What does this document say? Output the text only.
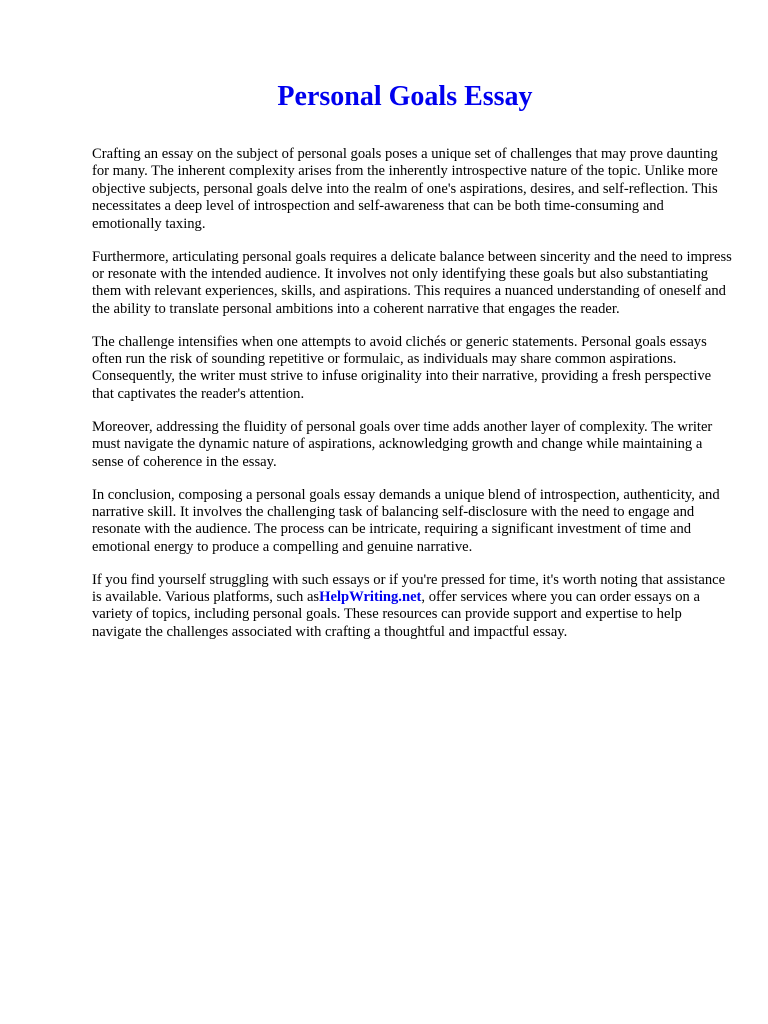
Personal Goals Essay

Crafting an essay on the subject of personal goals poses a unique set of challenges that may prove daunting for many. The inherent complexity arises from the inherently introspective nature of the topic. Unlike more objective subjects, personal goals delve into the realm of one's aspirations, desires, and self-reflection. This necessitates a deep level of introspection and self-awareness that can be both time-consuming and emotionally taxing.

Furthermore, articulating personal goals requires a delicate balance between sincerity and the need to impress or resonate with the intended audience. It involves not only identifying these goals but also substantiating them with relevant experiences, skills, and aspirations. This requires a nuanced understanding of oneself and the ability to translate personal ambitions into a coherent narrative that engages the reader.

The challenge intensifies when one attempts to avoid clichés or generic statements. Personal goals essays often run the risk of sounding repetitive or formulaic, as individuals may share common aspirations. Consequently, the writer must strive to infuse originality into their narrative, providing a fresh perspective that captivates the reader's attention.

Moreover, addressing the fluidity of personal goals over time adds another layer of complexity. The writer must navigate the dynamic nature of aspirations, acknowledging growth and change while maintaining a sense of coherence in the essay.

In conclusion, composing a personal goals essay demands a unique blend of introspection, authenticity, and narrative skill. It involves the challenging task of balancing self-disclosure with the need to engage and resonate with the audience. The process can be intricate, requiring a significant investment of time and emotional energy to produce a compelling and genuine narrative.

If you find yourself struggling with such essays or if you're pressed for time, it's worth noting that assistance is available. Various platforms, such asHelpWriting.net, offer services where you can order essays on a variety of topics, including personal goals. These resources can provide support and expertise to help navigate the challenges associated with crafting a thoughtful and impactful essay.
